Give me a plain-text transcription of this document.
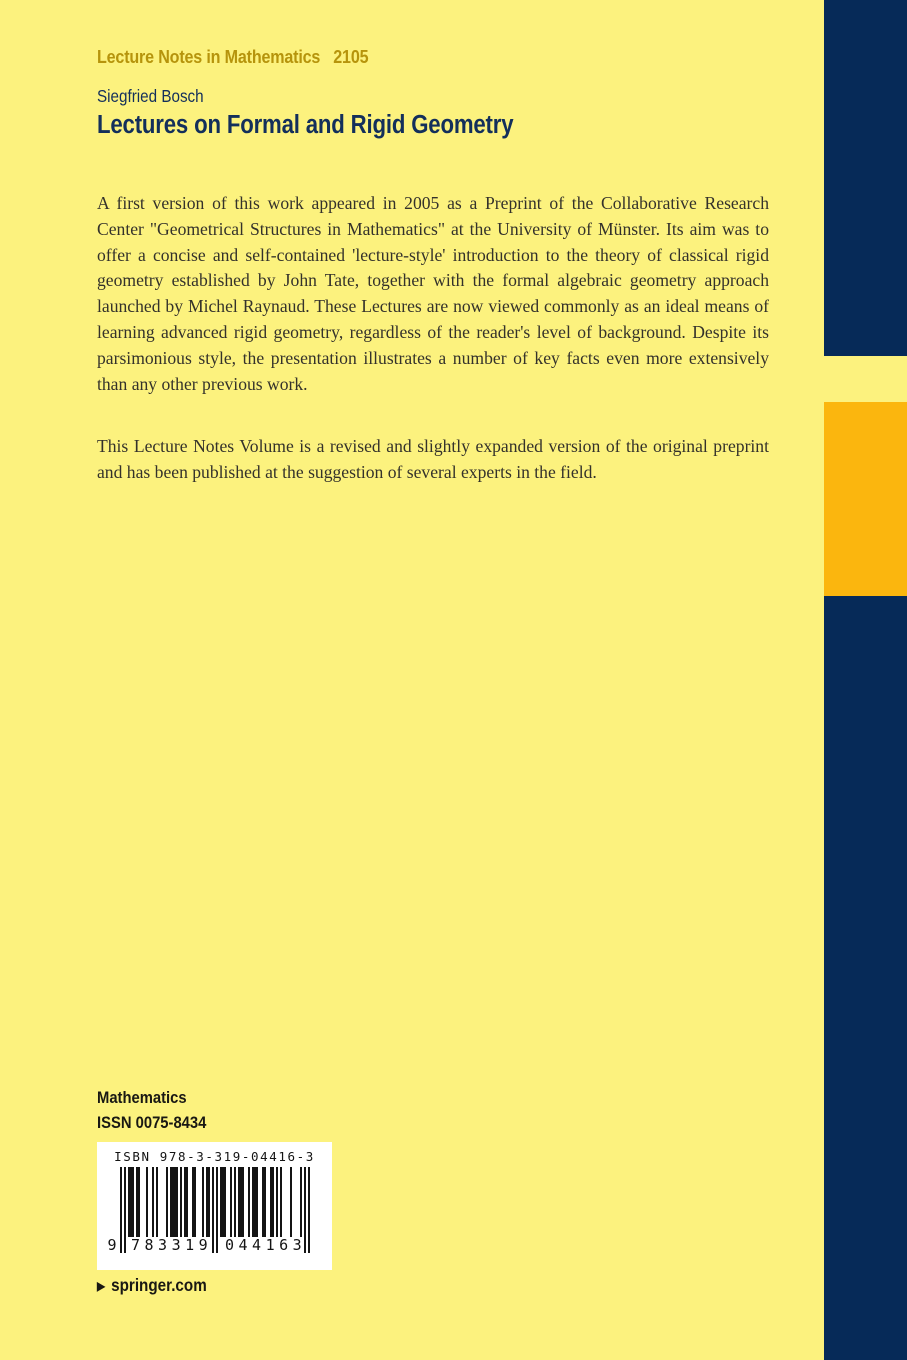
Lecture Notes in Mathematics 2105
Siegfried Bosch
Lectures on Formal and Rigid Geometry

A first version of this work appeared in 2005 as a Preprint of the Collaborative Research Center "Geometrical Structures in Mathematics" at the University of Münster. Its aim was to offer a concise and self-contained 'lecture-style' introduction to the theory of classical rigid geometry established by John Tate, together with the formal algebraic geometry approach launched by Michel Raynaud. These Lectures are now viewed commonly as an ideal means of learning advanced rigid geometry, regardless of the reader's level of background. Despite its parsimonious style, the presentation illustrates a number of key facts even more extensively than any other previous work.

This Lecture Notes Volume is a revised and slightly expanded version of the original preprint and has been published at the suggestion of several experts in the field.

Mathematics
ISSN 0075-8434
ISBN 978-3-319-04416-3
9 783319 044163
▶ springer.com
